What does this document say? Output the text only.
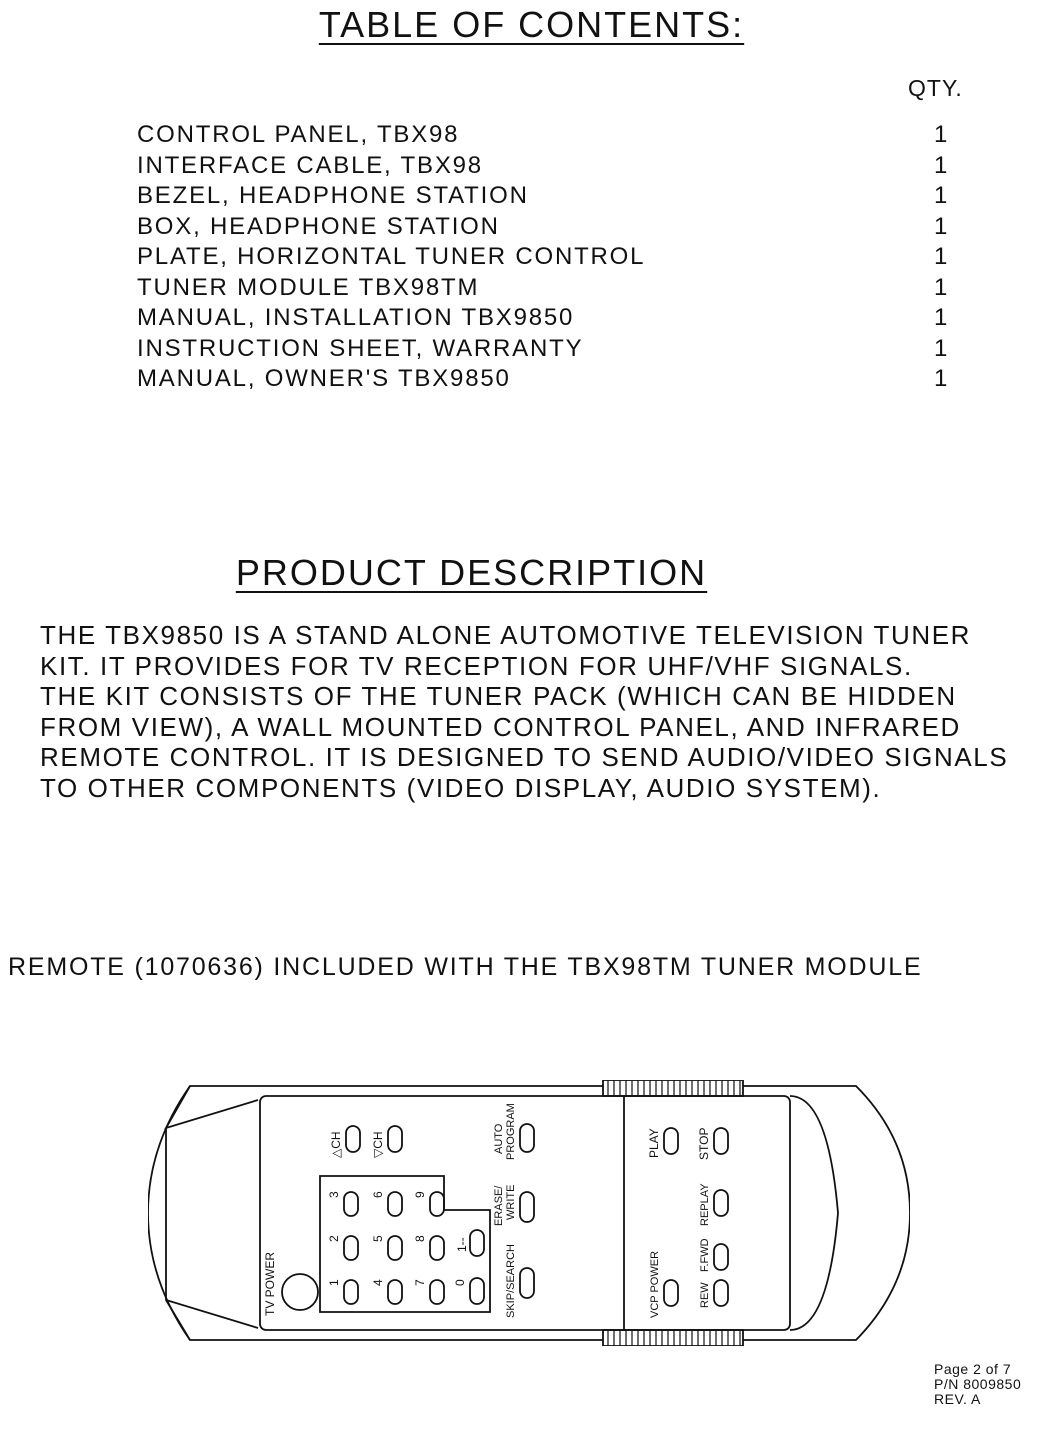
TABLE OF CONTENTS:
QTY.
CONTROL PANEL, TBX98	1
INTERFACE CABLE, TBX98	1
BEZEL, HEADPHONE STATION	1
BOX, HEADPHONE STATION	1
PLATE, HORIZONTAL TUNER CONTROL	1
TUNER MODULE TBX98TM	1
MANUAL, INSTALLATION TBX9850	1
INSTRUCTION SHEET, WARRANTY	1
MANUAL, OWNER'S TBX9850	1
PRODUCT DESCRIPTION

THE TBX9850 IS A STAND ALONE AUTOMOTIVE TELEVISION TUNER
KIT. IT PROVIDES FOR TV RECEPTION FOR UHF/VHF SIGNALS.
THE KIT CONSISTS OF THE TUNER PACK (WHICH CAN BE HIDDEN
FROM VIEW), A WALL MOUNTED CONTROL PANEL, AND INFRARED
REMOTE CONTROL. IT IS DESIGNED TO SEND AUDIO/VIDEO SIGNALS
TO OTHER COMPONENTS (VIDEO DISPLAY, AUDIO SYSTEM).

REMOTE (1070636) INCLUDED WITH THE TBX98TM TUNER MODULE
TV POWER
△CH ▽CH	AUTO PROGRAM
ERASE/ WRITE
SKIP/SEARCH
3	6 9
2	5 8 1--
1	4 7 0
PLAY	STOP
REPLAY
F.FWD
VCP POWER	REW
Page 2 of 7
P/N 8009850
REV. A
